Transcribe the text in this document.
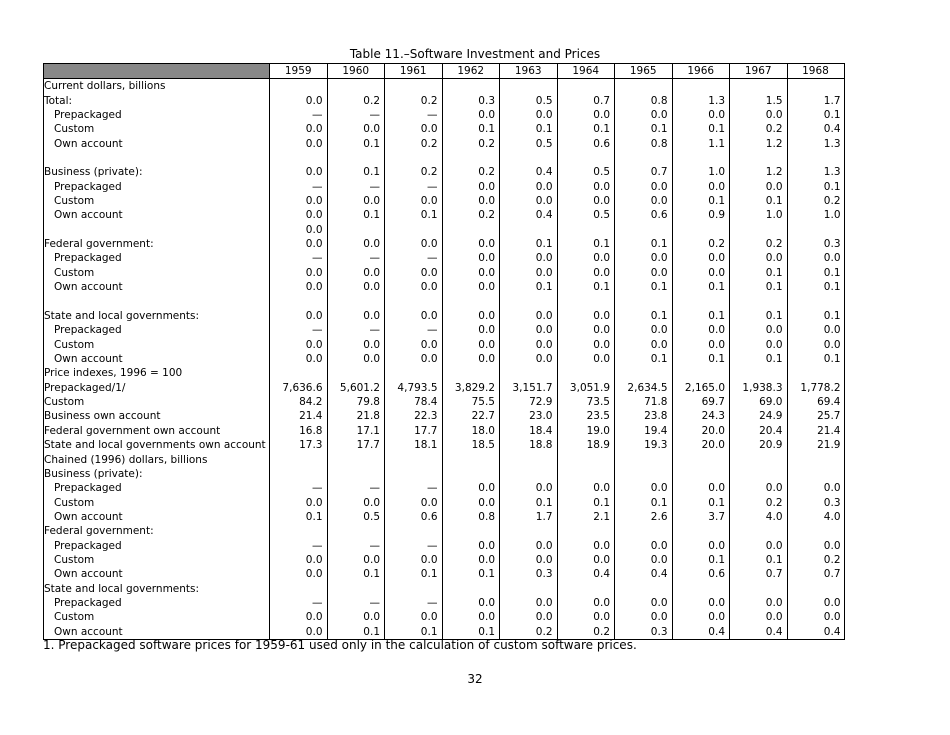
Table 11.–Software Investment and Prices
	1959	1960	1961	1962	1963	1964	1965	1966	1967	1968
Current dollars, billions										
Total:	0.0	0.2	0.2	0.3	0.5	0.7	0.8	1.3	1.5	1.7
Prepackaged	—	—	—	0.0	0.0	0.0	0.0	0.0	0.0	0.1
Custom	0.0	0.0	0.0	0.1	0.1	0.1	0.1	0.1	0.2	0.4
Own account	0.0	0.1	0.2	0.2	0.5	0.6	0.8	1.1	1.2	1.3

Business (private):	0.0	0.1	0.2	0.2	0.4	0.5	0.7	1.0	1.2	1.3
Prepackaged	—	—	—	0.0	0.0	0.0	0.0	0.0	0.0	0.1
Custom	0.0	0.0	0.0	0.0	0.0	0.0	0.0	0.1	0.1	0.2
Own account	0.0	0.1	0.1	0.2	0.4	0.5	0.6	0.9	1.0	1.0
	0.0									
Federal government:	0.0	0.0	0.0	0.0	0.1	0.1	0.1	0.2	0.2	0.3
Prepackaged	—	—	—	0.0	0.0	0.0	0.0	0.0	0.0	0.0
Custom	0.0	0.0	0.0	0.0	0.0	0.0	0.0	0.0	0.1	0.1
Own account	0.0	0.0	0.0	0.0	0.1	0.1	0.1	0.1	0.1	0.1

State and local governments:	0.0	0.0	0.0	0.0	0.0	0.0	0.1	0.1	0.1	0.1
Prepackaged	—	—	—	0.0	0.0	0.0	0.0	0.0	0.0	0.0
Custom	0.0	0.0	0.0	0.0	0.0	0.0	0.0	0.0	0.0	0.0
Own account	0.0	0.0	0.0	0.0	0.0	0.0	0.1	0.1	0.1	0.1
Price indexes, 1996 = 100										
Prepackaged/1/	7,636.6	5,601.2	4,793.5	3,829.2	3,151.7	3,051.9	2,634.5	2,165.0	1,938.3	1,778.2
Custom	84.2	79.8	78.4	75.5	72.9	73.5	71.8	69.7	69.0	69.4
Business own account	21.4	21.8	22.3	22.7	23.0	23.5	23.8	24.3	24.9	25.7
Federal government own account	16.8	17.1	17.7	18.0	18.4	19.0	19.4	20.0	20.4	21.4
State and local governments own account	17.3	17.7	18.1	18.5	18.8	18.9	19.3	20.0	20.9	21.9
Chained (1996) dollars, billions										
Business (private):										
Prepackaged	—	—	—	0.0	0.0	0.0	0.0	0.0	0.0	0.0
Custom	0.0	0.0	0.0	0.0	0.1	0.1	0.1	0.1	0.2	0.3
Own account	0.1	0.5	0.6	0.8	1.7	2.1	2.6	3.7	4.0	4.0
Federal government:										
Prepackaged	—	—	—	0.0	0.0	0.0	0.0	0.0	0.0	0.0
Custom	0.0	0.0	0.0	0.0	0.0	0.0	0.0	0.1	0.1	0.2
Own account	0.0	0.1	0.1	0.1	0.3	0.4	0.4	0.6	0.7	0.7
State and local governments:										
Prepackaged	—	—	—	0.0	0.0	0.0	0.0	0.0	0.0	0.0
Custom	0.0	0.0	0.0	0.0	0.0	0.0	0.0	0.0	0.0	0.0
Own account	0.0	0.1	0.1	0.1	0.2	0.2	0.3	0.4	0.4	0.4
1. Prepackaged software prices for 1959-61 used only in the calculation of custom software prices.
32
